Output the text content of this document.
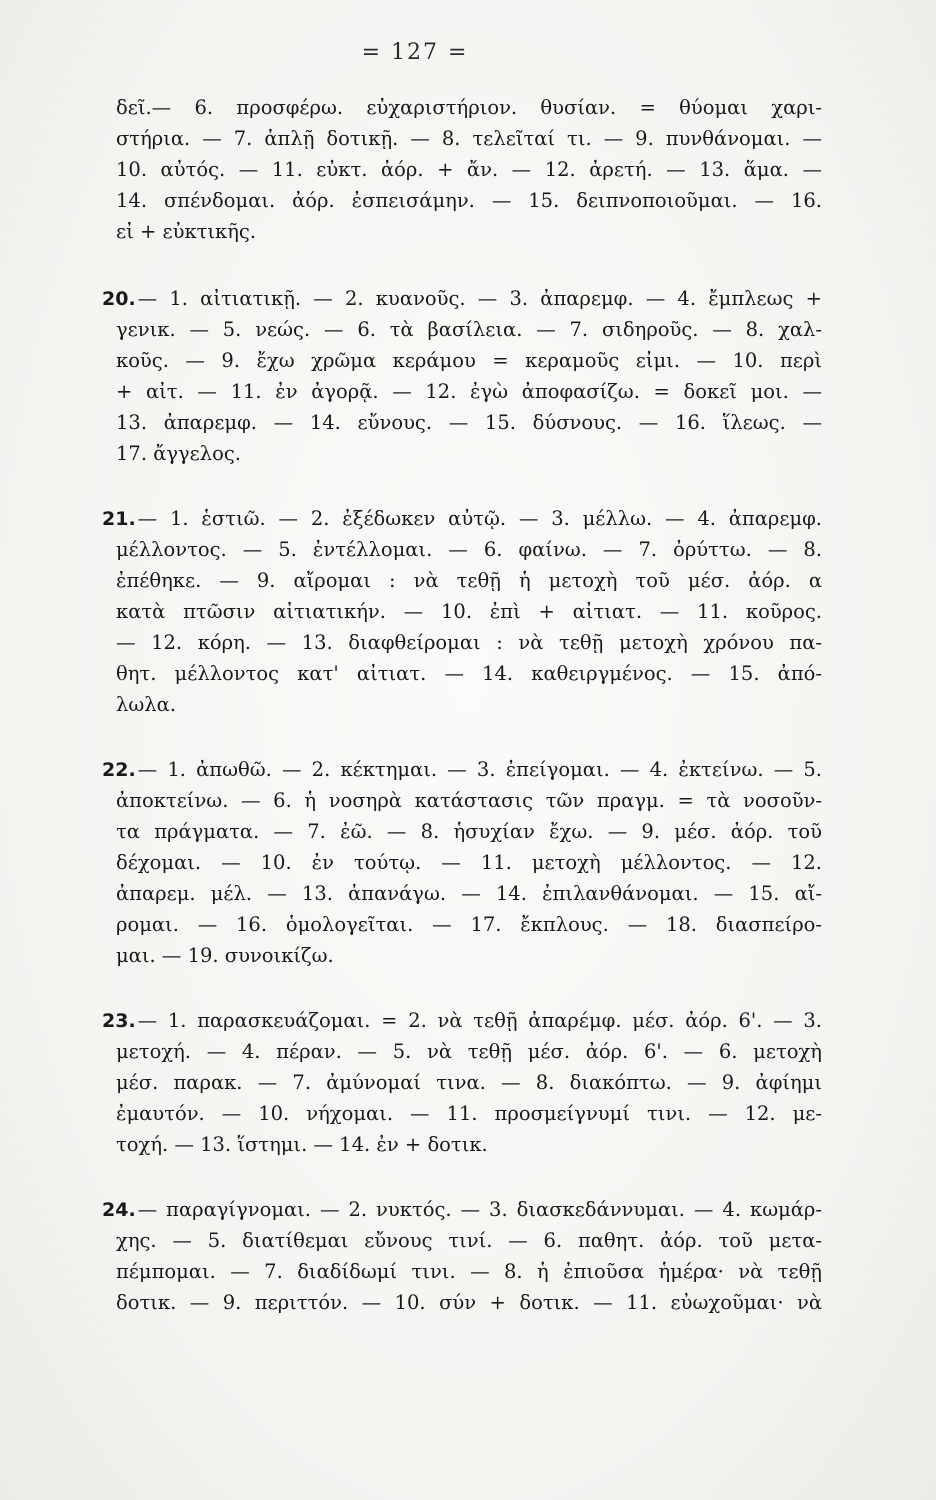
= 127 =
δεῖ.— 6. προσφέρω. εὐχαριστήριον. θυσίαν. = θύομαι χαρι-
στήρια. — 7. ἁπλῇ δοτικῇ. — 8. τελεῖταί τι. — 9. πυνθάνομαι. —
10. αὐτός. — 11. εὐκτ. ἀόρ. + ἄν. — 12. ἀρετή. — 13. ἅμα. —
14. σπένδομαι. ἀόρ. ἐσπεισάμην. — 15. δειπνοποιοῦμαι. — 16.
εἰ + εὐκτικῆς.
20. — 1. αἰτιατικῇ. — 2. κυανοῦς. — 3. ἀπαρεμφ. — 4. ἔμπλεως +
γενικ. — 5. νεώς. — 6. τὰ βασίλεια. — 7. σιδηροῦς. — 8. χαλ-
κοῦς. — 9. ἔχω χρῶμα κεράμου = κεραμοῦς εἰμι. — 10. περὶ
+ αἰτ. — 11. ἐν ἀγορᾷ. — 12. ἐγὼ ἀποφασίζω. = δοκεῖ μοι. —
13. ἀπαρεμφ. — 14. εὔνους. — 15. δύσνους. — 16. ἵλεως. —
17. ἄγγελος.
21. — 1. ἑστιῶ. — 2. ἐξέδωκεν αὐτῷ. — 3. μέλλω. — 4. ἀπαρεμφ.
μέλλοντος. — 5. ἐντέλλομαι. — 6. φαίνω. — 7. ὀρύττω. — 8.
ἐπέθηκε. — 9. αἴρομαι : νὰ τεθῇ ἡ μετοχὴ τοῦ μέσ. ἀόρ. α
κατὰ πτῶσιν αἰτιατικήν. — 10. ἐπὶ + αἰτιατ. — 11. κοῦρος.
— 12. κόρη. — 13. διαφθείρομαι : νὰ τεθῇ μετοχὴ χρόνου πα-
θητ. μέλλοντος κατ' αἰτιατ. — 14. καθειργμένος. — 15. ἀπό-
λωλα.
22. — 1. ἀπωθῶ. — 2. κέκτημαι. — 3. ἐπείγομαι. — 4. ἐκτείνω. — 5.
ἀποκτείνω. — 6. ἡ νοσηρὰ κατάστασις τῶν πραγμ. = τὰ νοσοῦν-
τα πράγματα. — 7. ἐῶ. — 8. ἡσυχίαν ἔχω. — 9. μέσ. ἀόρ. τοῦ
δέχομαι. — 10. ἐν τούτῳ. — 11. μετοχὴ μέλλοντος. — 12.
ἀπαρεμ. μέλ. — 13. ἀπανάγω. — 14. ἐπιλανθάνομαι. — 15. αἴ-
ρομαι. — 16. ὁμολογεῖται. — 17. ἔκπλους. — 18. διασπείρο-
μαι. — 19. συνοικίζω.
23. — 1. παρασκευάζομαι. = 2. νὰ τεθῇ ἀπαρέμφ. μέσ. ἀόρ. 6'. — 3.
μετοχή. — 4. πέραν. — 5. νὰ τεθῇ μέσ. ἀόρ. 6'. — 6. μετοχὴ
μέσ. παρακ. — 7. ἀμύνομαί τινα. — 8. διακόπτω. — 9. ἀφίημι
ἐμαυτόν. — 10. νήχομαι. — 11. προσμείγνυμί τινι. — 12. με-
τοχή. — 13. ἵστημι. — 14. ἐν + δοτικ.
24. — παραγίγνομαι. — 2. νυκτός. — 3. διασκεδάννυμαι. — 4. κωμάρ-
χης. — 5. διατίθεμαι εὔνους τινί. — 6. παθητ. ἀόρ. τοῦ μετα-
πέμπομαι. — 7. διαδίδωμί τινι. — 8. ἡ ἐπιοῦσα ἡμέρα· νὰ τεθῇ
δοτικ. — 9. περιττόν. — 10. σύν + δοτικ. — 11. εὐωχοῦμαι· νὰ
